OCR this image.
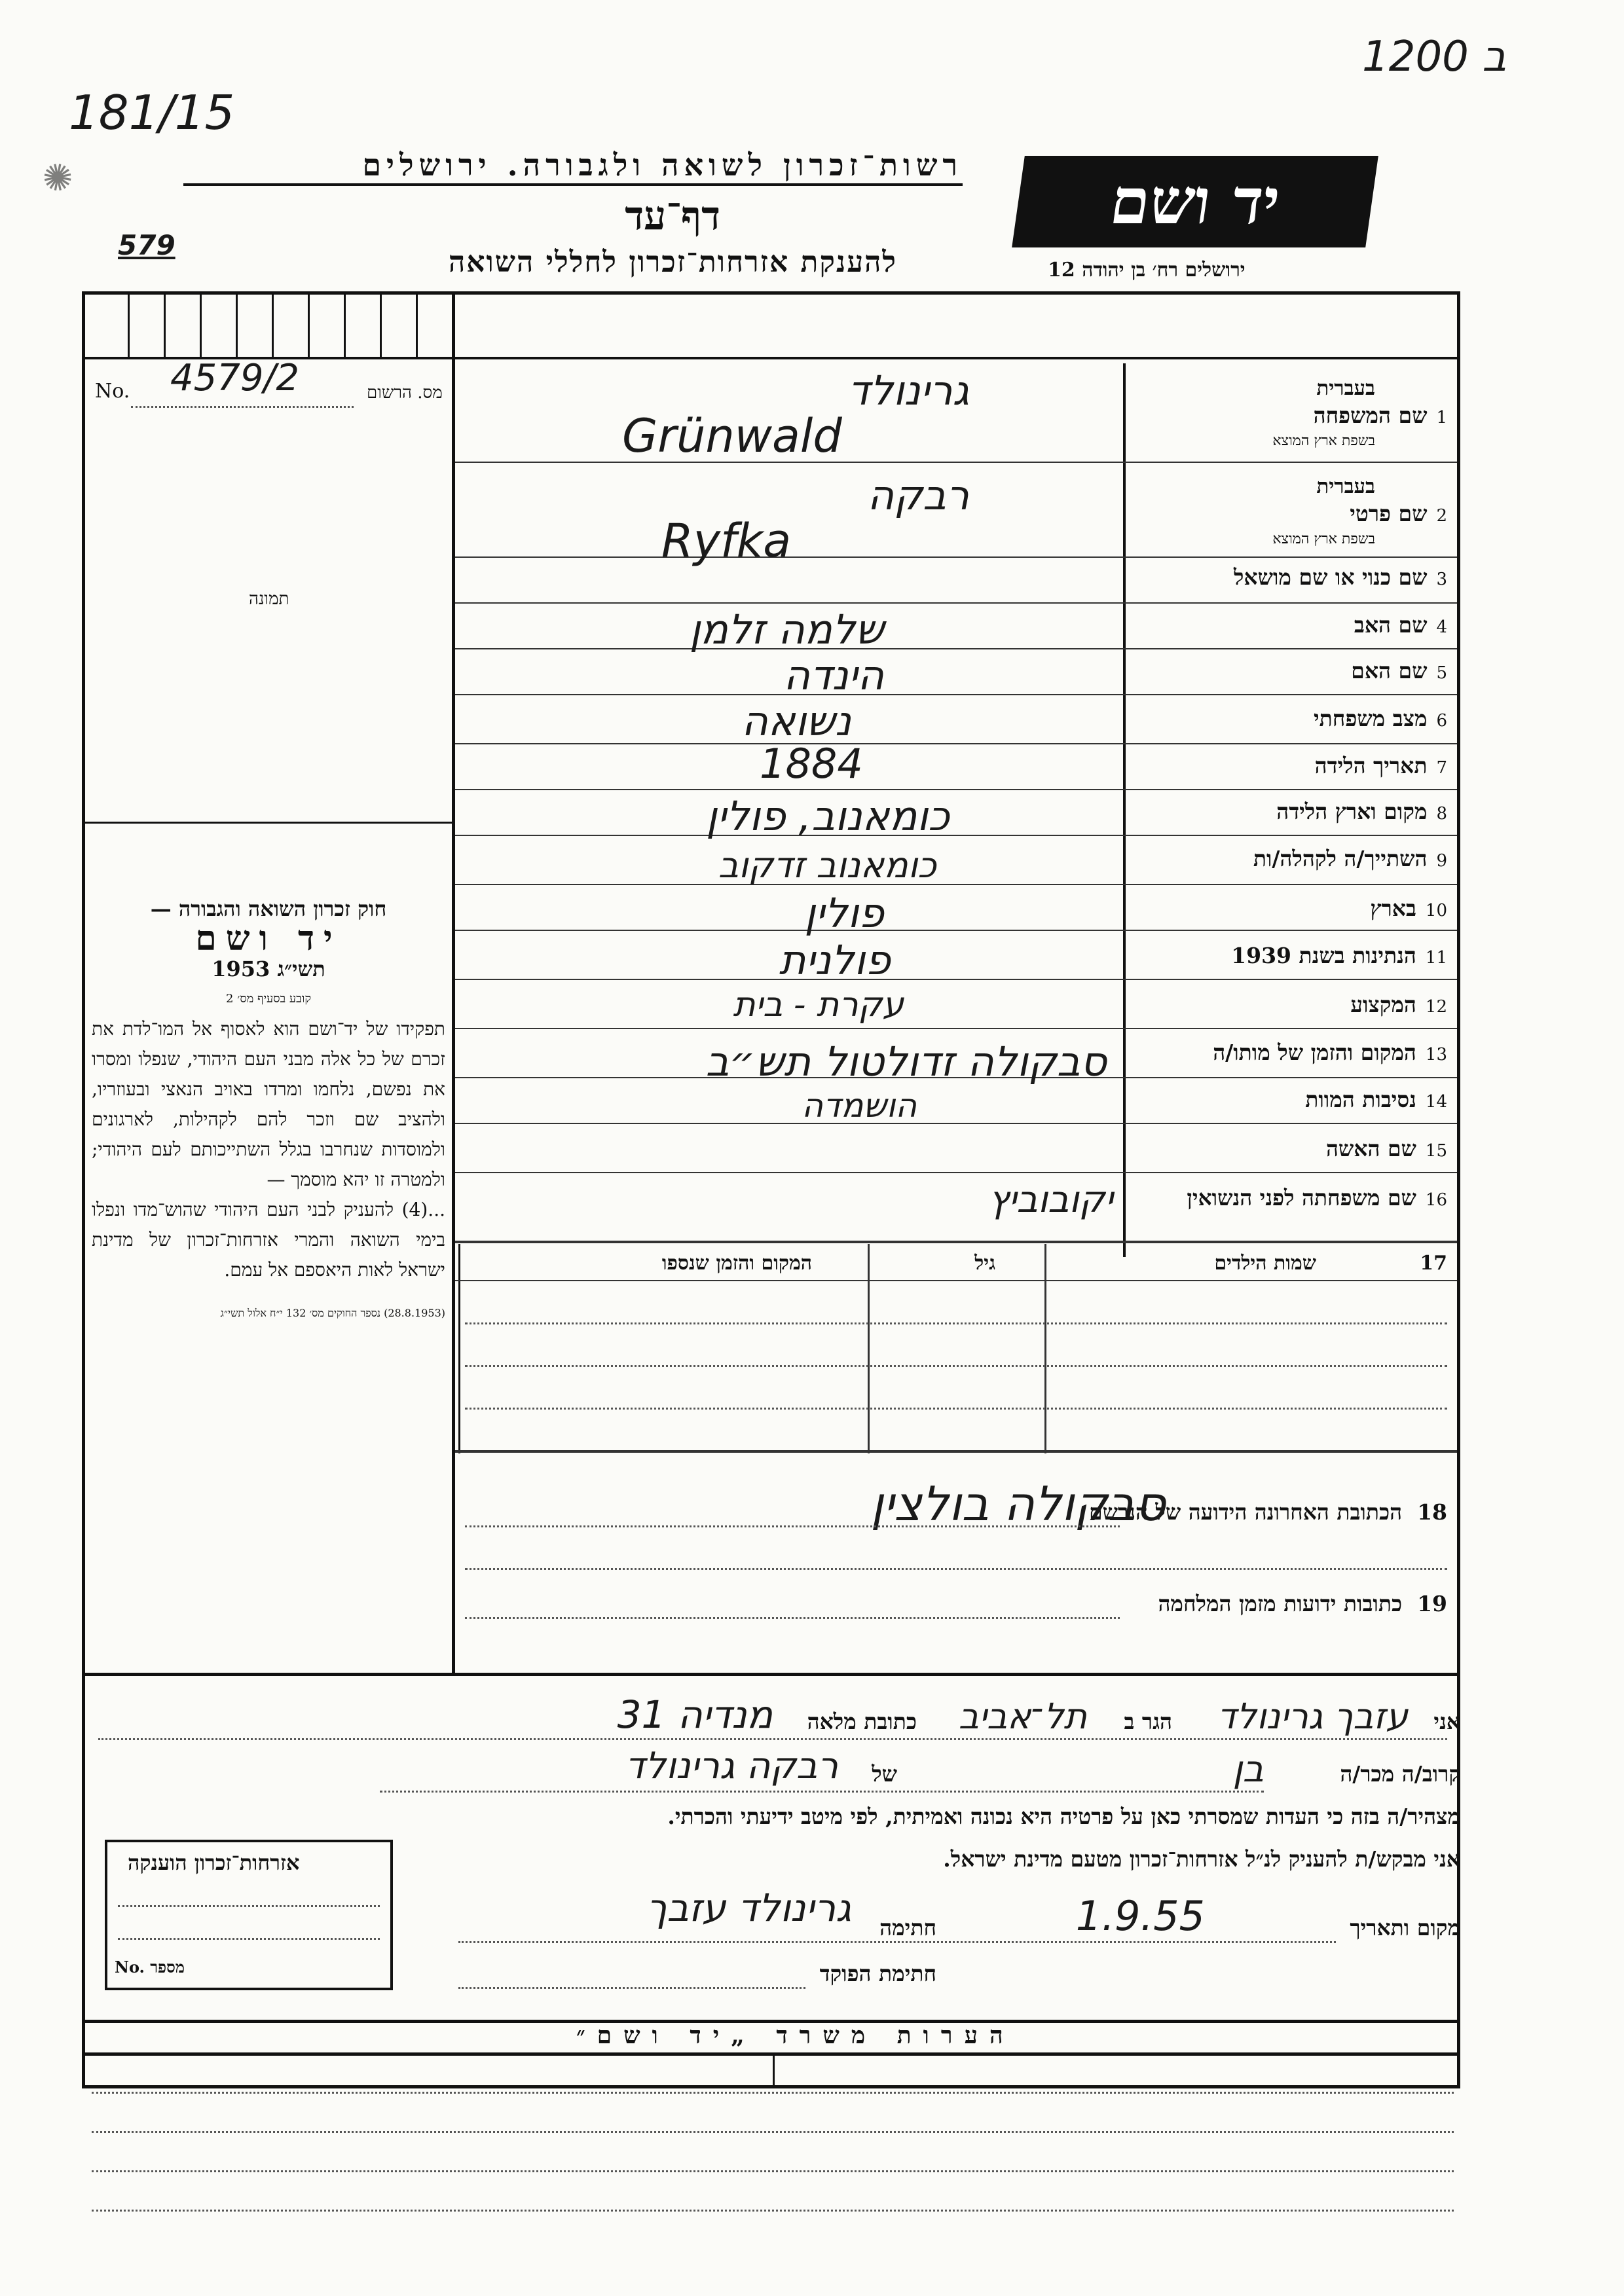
רשות־זכרון לשואה ולגבורה. ירושלים
דף־עד
להענקת אזרחות־זכרון לחללי השואה
יד ושם
ירושלים רח׳ בן יהודה 12
ב 1200
181/15
✺
579
No. 4579/2	מס. הרשום
תמונה
חוק זכרון השואה והגבורה —
יד ושם
תשי״ג 1953
קובע בסעיף מס׳ 2
תפקידו של יד־ושם הוא לאסוף אל המו־לדת את זכרם של כל אלה מבני העם היהודי, שנפלו ומסרו את נפשם, נלחמו ומרדו באויב הנאצי ובעוזריו, ולהציב שם וזכר להם לקהילות, לארגונים ולמוסדות שנחרבו בגלל השתייכותם לעם היהודי; ולמטרה זו יהא מוסמך —
...(4) להעניק לבני העם היהודי שהוש־מדו ונפלו בימי השואה והמרי אזרחות־זכרון של מדינת ישראל לאות היאספם אל עמם.
(28.8.1953) נספר החוקים מס׳ 132 י״ח אלול תשי״ג
בעברית
1שם המשפחה
בשפת ארץ המוצא
בעברית
2שם פרטי
בשפת ארץ המוצא
3שם כנוי או שם מושאל
4שם האב
5שם האם
6מצב משפחתי
7תאריך הלידה
8מקום וארץ הלידה
9השתייך/ה לקהלה/ות
10בארץ
11הנתינות בשנת 1939
12המקצוע
13המקום והזמן של מותו/ה
14נסיבות המוות
15שם האשה
16שם משפחתה לפני הנשואין
גרינולד
Grünwald
רבקה
Ryfka
שלמה זלמן
הינדה
נשואה
1884
כומאנוב, פולין
כומאנוב זדקוב
פולין
פולנית
עקרת - בית
סבקולה זדולטול תש״ב
הושמדה
יקובוביץ
17
שמות הילדים
גיל
המקום והזמן שנספו
18  הכתובת האחרונה הידועה של הנרשם
סבקולה בולצין
19  כתובות ידועות מזמן המלחמה
אני
עזבך גרינולד
הגר ב
תל־אביב
כתובת מלאה
מנדיה 31
קרוב/ה מכר/ה
בן
של
רבקה גרינולד
מצהיר/ה בזה כי העדות שמסרתי כאן על פרטיה היא נכונה ואמיתית, לפי מיטב ידיעתי והכרתי.
אני מבקש/ת להעניק לנ״ל אזרחות־זכרון מטעם מדינת ישראל.
מקום ותאריך
1.9.55
חתימה
גרינולד עזבך
חתימת הפוקד
אזרחות־זכרון הוענקה
No. מספר
הערות משרד „יד ושם״
